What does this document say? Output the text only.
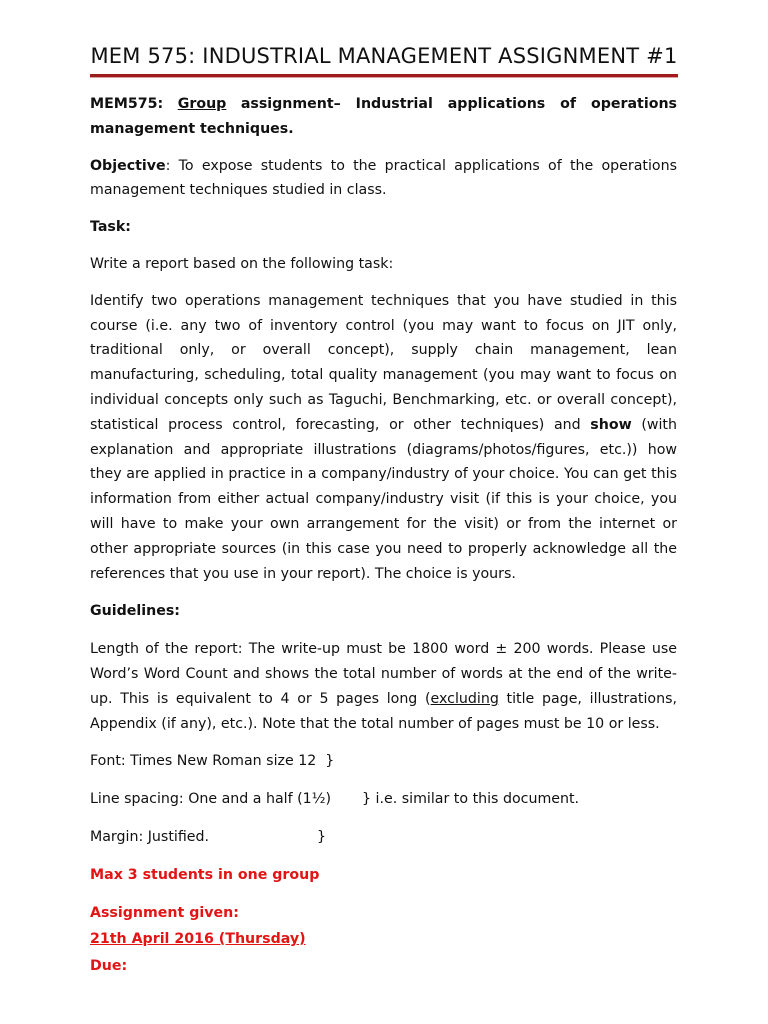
MEM 575: INDUSTRIAL MANAGEMENT ASSIGNMENT #1

MEM575: Group assignment– Industrial applications of operations management techniques.

Objective: To expose students to the practical applications of the operations management techniques studied in class.

Task:

Write a report based on the following task:

Identify two operations management techniques that you have studied in this course (i.e. any two of inventory control (you may want to focus on JIT only, traditional only, or overall concept), supply chain management, lean manufacturing, scheduling, total quality management (you may want to focus on individual concepts only such as Taguchi, Benchmarking, etc. or overall concept), statistical process control, forecasting, or other techniques) and show (with explanation and appropriate illustrations (diagrams/photos/figures, etc.)) how they are applied in practice in a company/industry of your choice. You can get this information from either actual company/industry visit (if this is your choice, you will have to make your own arrangement for the visit) or from the internet or other appropriate sources (in this case you need to properly acknowledge all the references that you use in your report). The choice is yours.

Guidelines:

Length of the report: The write-up must be 1800 word ± 200 words. Please use Word’s Word Count and shows the total number of words at the end of the write-up. This is equivalent to 4 or 5 pages long (excluding title page, illustrations, Appendix (if any), etc.). Note that the total number of pages must be 10 or less.

Font: Times New Roman size 12 }

Line spacing: One and a half (1½) } i.e. similar to this document.

Margin: Justified.	}

Max 3 students in one group

Assignment given:

21th April 2016 (Thursday)

Due:
